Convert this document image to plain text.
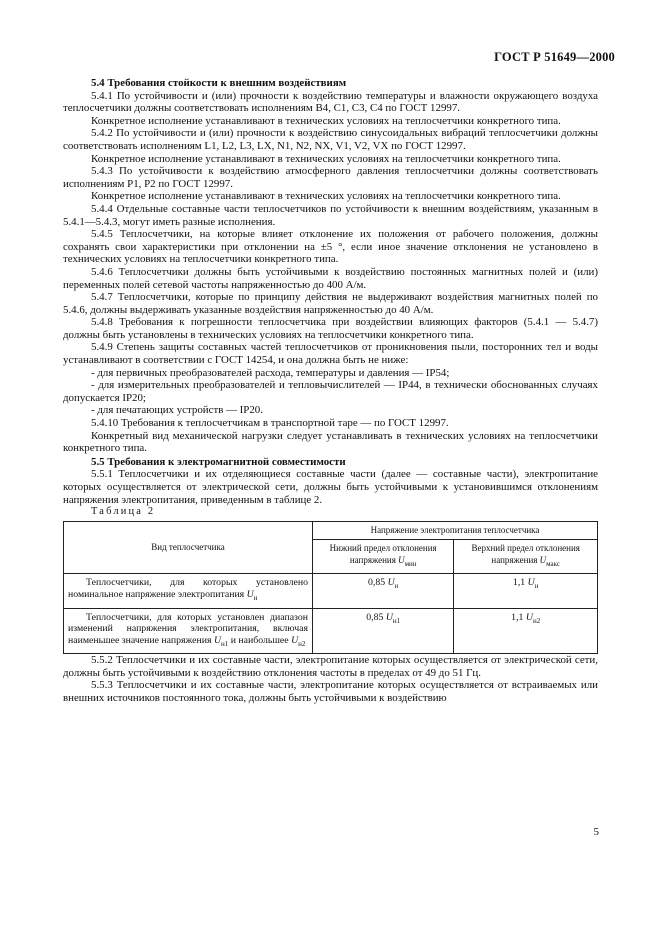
ГОСТ Р 51649—2000
5.4 Требования стойкости к внешним воздействиям

5.4.1 По устойчивости и (или) прочности к воздействию температуры и влажности окружающего воздуха теплосчетчики должны соответствовать исполнениям В4, С1, С3, С4 по ГОСТ 12997.

Конкретное исполнение устанавливают в технических условиях на теплосчетчики конкретного типа.

5.4.2 По устойчивости и (или) прочности к воздействию синусоидальных вибраций теплосчетчики должны соответствовать исполнениям L1, L2, L3, LX, N1, N2, NX, V1, V2, VX по ГОСТ 12997.

Конкретное исполнение устанавливают в технических условиях на теплосчетчики конкретного типа.

5.4.3 По устойчивости к воздействию атмосферного давления теплосчетчики должны соответствовать исполнениям Р1, Р2 по ГОСТ 12997.

Конкретное исполнение устанавливают в технических условиях на теплосчетчики конкретного типа.

5.4.4 Отдельные составные части теплосчетчиков по устойчивости к внешним воздействиям, указанным в 5.4.1—5.4.3, могут иметь разные исполнения.

5.4.5 Теплосчетчики, на которые влияет отклонение их положения от рабочего положения, должны сохранять свои характеристики при отклонении на ±5 °, если иное значение отклонения не установлено в технических условиях на теплосчетчики конкретного типа.

5.4.6 Теплосчетчики должны быть устойчивыми к воздействию постоянных магнитных полей и (или) переменных полей сетевой частоты напряженностью до 400 А/м.

5.4.7 Теплосчетчики, которые по принципу действия не выдерживают воздействия магнитных полей по 5.4.6, должны выдерживать указанные воздействия напряженностью до 40 А/м.

5.4.8 Требования к погрешности теплосчетчика при воздействии влияющих факторов (5.4.1 — 5.4.7) должны быть установлены в технических условиях на теплосчетчики конкретного типа.

5.4.9 Степень защиты составных частей теплосчетчиков от проникновения пыли, посторонних тел и воды устанавливают в соответствии с ГОСТ 14254, и она должна быть не ниже:

- для первичных преобразователей расхода, температуры и давления — IP54;

- для измерительных преобразователей и тепловычислителей — IP44, в технически обоснованных случаях допускается IP20;

- для печатающих устройств — IP20.

5.4.10 Требования к теплосчетчикам в транспортной таре — по ГОСТ 12997.

Конкретный вид механической нагрузки следует устанавливать в технических условиях на теплосчетчики конкретного типа.

5.5 Требования к электромагнитной совместимости

5.5.1 Теплосчетчики и их отделяющиеся составные части (далее — составные части), электропитание которых осуществляется от электрической сети, должны быть устойчивыми к установившимся отклонениям напряжения электропитания, приведенным в таблице 2.

Таблица 2

Вид теплосчетчика	Напряжение электропитания теплосчетчика	
	Нижний предел отклонения напряжения $U_{мин}$	Верхний предел отклонения напряжения $U_{макс}$
Теплосчетчики, для которых установлено номинальное напряжение электропитания $U_н$	0,85 $U_н$	1,1 $U_н$
Теплосчетчики, для которых установлен диапазон изменений напряжения электропитания, включая наименьшее значение напряжения $U_{н1}$ и наибольшее $U_{н2}$	0,85 $U_{н1}$	1,1 $U_{н2}$

5.5.2 Теплосчетчики и их составные части, электропитание которых осуществляется от электрической сети, должны быть устойчивыми к воздействию отклонения частоты в пределах от 49 до 51 Гц.

5.5.3 Теплосчетчики и их составные части, электропитание которых осуществляется от встраиваемых или внешних источников постоянного тока, должны быть устойчивыми к воздействию

5
